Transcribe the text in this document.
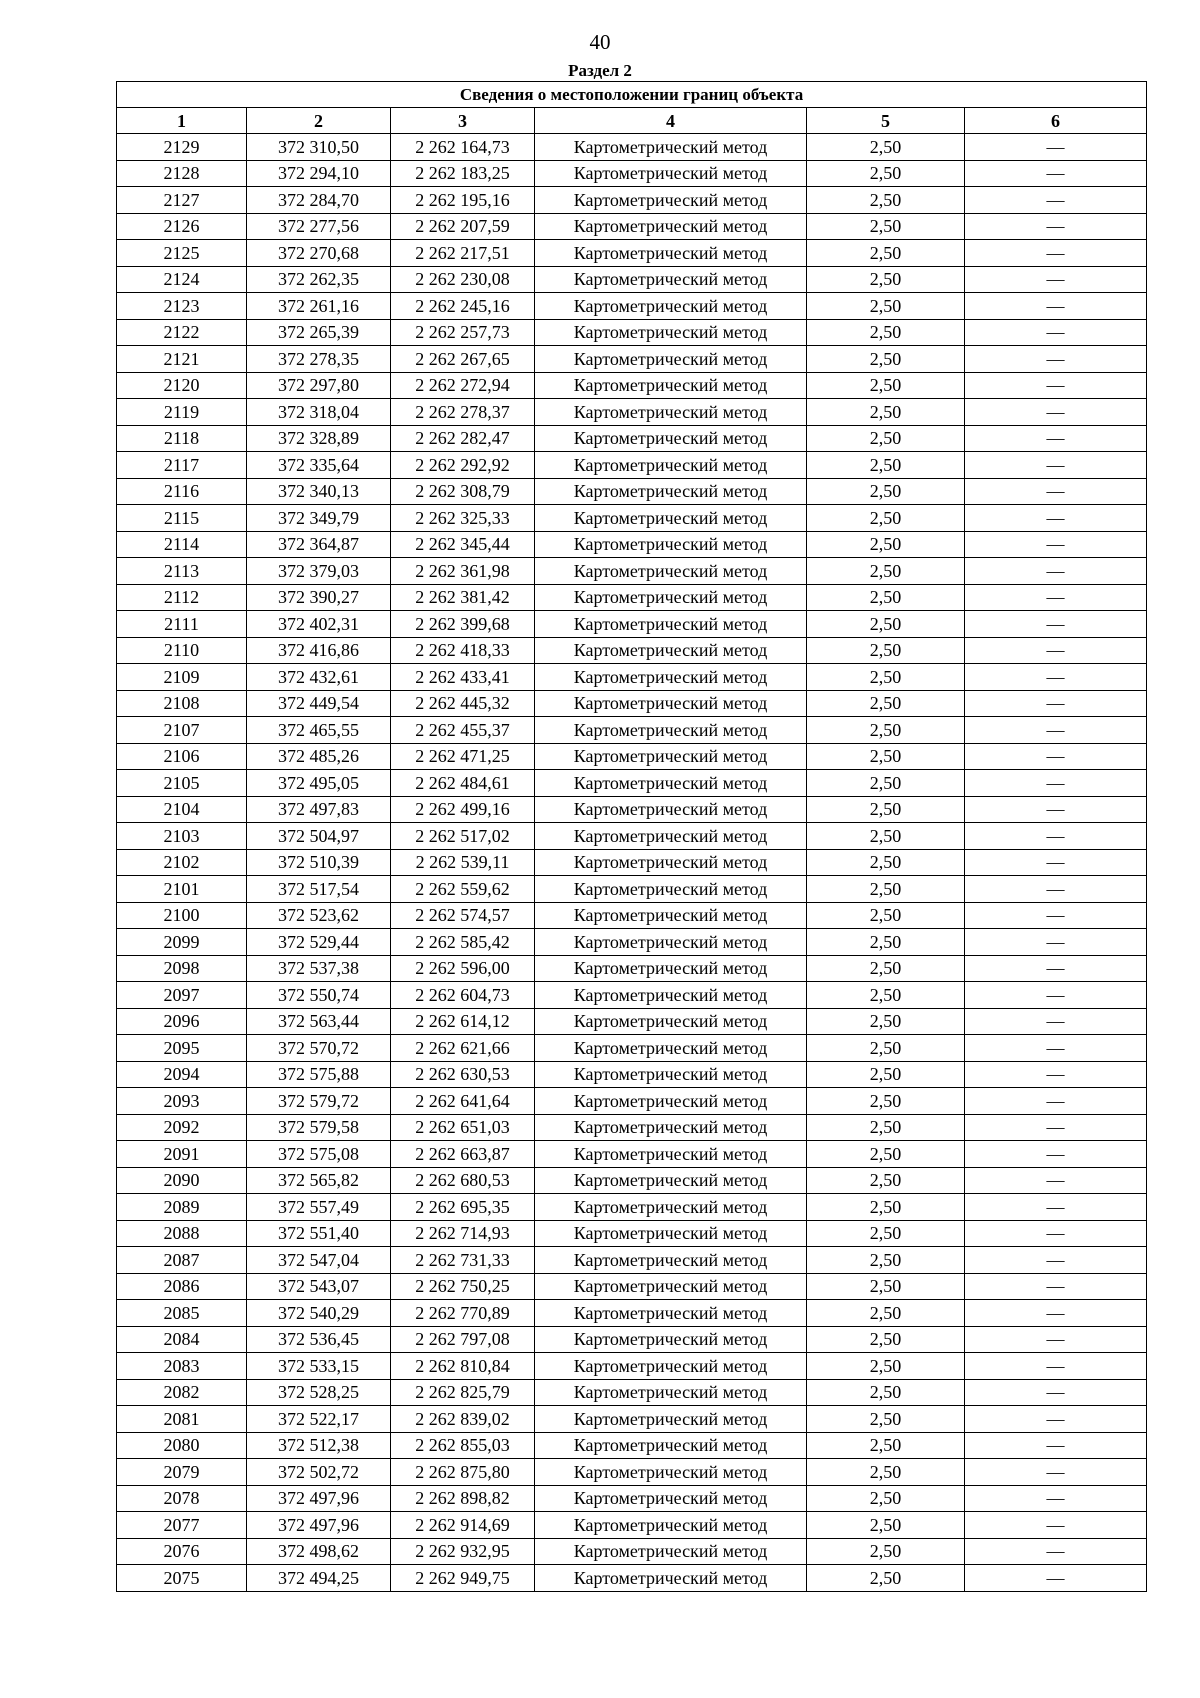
40
Раздел 2
Сведения о местоположении границ объекта					
1	2	3	4	5	6
2129	372 310,50	2 262 164,73	Картометрический метод	2,50	—
2128	372 294,10	2 262 183,25	Картометрический метод	2,50	—
2127	372 284,70	2 262 195,16	Картометрический метод	2,50	—
2126	372 277,56	2 262 207,59	Картометрический метод	2,50	—
2125	372 270,68	2 262 217,51	Картометрический метод	2,50	—
2124	372 262,35	2 262 230,08	Картометрический метод	2,50	—
2123	372 261,16	2 262 245,16	Картометрический метод	2,50	—
2122	372 265,39	2 262 257,73	Картометрический метод	2,50	—
2121	372 278,35	2 262 267,65	Картометрический метод	2,50	—
2120	372 297,80	2 262 272,94	Картометрический метод	2,50	—
2119	372 318,04	2 262 278,37	Картометрический метод	2,50	—
2118	372 328,89	2 262 282,47	Картометрический метод	2,50	—
2117	372 335,64	2 262 292,92	Картометрический метод	2,50	—
2116	372 340,13	2 262 308,79	Картометрический метод	2,50	—
2115	372 349,79	2 262 325,33	Картометрический метод	2,50	—
2114	372 364,87	2 262 345,44	Картометрический метод	2,50	—
2113	372 379,03	2 262 361,98	Картометрический метод	2,50	—
2112	372 390,27	2 262 381,42	Картометрический метод	2,50	—
2111	372 402,31	2 262 399,68	Картометрический метод	2,50	—
2110	372 416,86	2 262 418,33	Картометрический метод	2,50	—
2109	372 432,61	2 262 433,41	Картометрический метод	2,50	—
2108	372 449,54	2 262 445,32	Картометрический метод	2,50	—
2107	372 465,55	2 262 455,37	Картометрический метод	2,50	—
2106	372 485,26	2 262 471,25	Картометрический метод	2,50	—
2105	372 495,05	2 262 484,61	Картометрический метод	2,50	—
2104	372 497,83	2 262 499,16	Картометрический метод	2,50	—
2103	372 504,97	2 262 517,02	Картометрический метод	2,50	—
2102	372 510,39	2 262 539,11	Картометрический метод	2,50	—
2101	372 517,54	2 262 559,62	Картометрический метод	2,50	—
2100	372 523,62	2 262 574,57	Картометрический метод	2,50	—
2099	372 529,44	2 262 585,42	Картометрический метод	2,50	—
2098	372 537,38	2 262 596,00	Картометрический метод	2,50	—
2097	372 550,74	2 262 604,73	Картометрический метод	2,50	—
2096	372 563,44	2 262 614,12	Картометрический метод	2,50	—
2095	372 570,72	2 262 621,66	Картометрический метод	2,50	—
2094	372 575,88	2 262 630,53	Картометрический метод	2,50	—
2093	372 579,72	2 262 641,64	Картометрический метод	2,50	—
2092	372 579,58	2 262 651,03	Картометрический метод	2,50	—
2091	372 575,08	2 262 663,87	Картометрический метод	2,50	—
2090	372 565,82	2 262 680,53	Картометрический метод	2,50	—
2089	372 557,49	2 262 695,35	Картометрический метод	2,50	—
2088	372 551,40	2 262 714,93	Картометрический метод	2,50	—
2087	372 547,04	2 262 731,33	Картометрический метод	2,50	—
2086	372 543,07	2 262 750,25	Картометрический метод	2,50	—
2085	372 540,29	2 262 770,89	Картометрический метод	2,50	—
2084	372 536,45	2 262 797,08	Картометрический метод	2,50	—
2083	372 533,15	2 262 810,84	Картометрический метод	2,50	—
2082	372 528,25	2 262 825,79	Картометрический метод	2,50	—
2081	372 522,17	2 262 839,02	Картометрический метод	2,50	—
2080	372 512,38	2 262 855,03	Картометрический метод	2,50	—
2079	372 502,72	2 262 875,80	Картометрический метод	2,50	—
2078	372 497,96	2 262 898,82	Картометрический метод	2,50	—
2077	372 497,96	2 262 914,69	Картометрический метод	2,50	—
2076	372 498,62	2 262 932,95	Картометрический метод	2,50	—
2075	372 494,25	2 262 949,75	Картометрический метод	2,50	—
